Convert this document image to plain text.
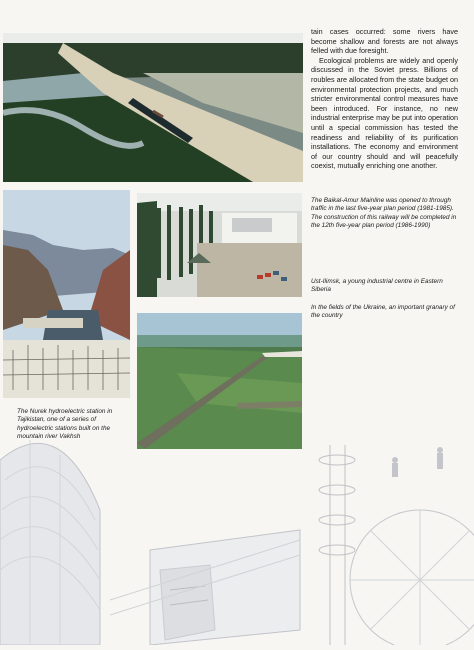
tain cases occurred: some rivers have become shallow and forests are not always felled with due foresight.

Ecological problems are widely and openly discussed in the Soviet press. Billions of roubles are allocated from the state budget on environmental protection projects, and much stricter environmental control measures have been introduced. For instance, no new industrial enterprise may be put into operation until a special commission has tested the readiness and reliability of its purification installations. The economy and environment of our country should and will peacefully coexist, mutually enriching one another.

The Baikal-Amur Mainline was opened to through traffic in the last five-year plan period (1981-1985). The construction of this railway will be completed in the 12th five-year plan period (1986-1990)

Ust-Ilimsk, a young industrial centre in Eastern Siberia

In the fields of the Ukraine, an important granary of the country

The Nurek hydroelectric station in Tajikistan, one of a series of hydroelectric stations built on the mountain river Vakhsh
